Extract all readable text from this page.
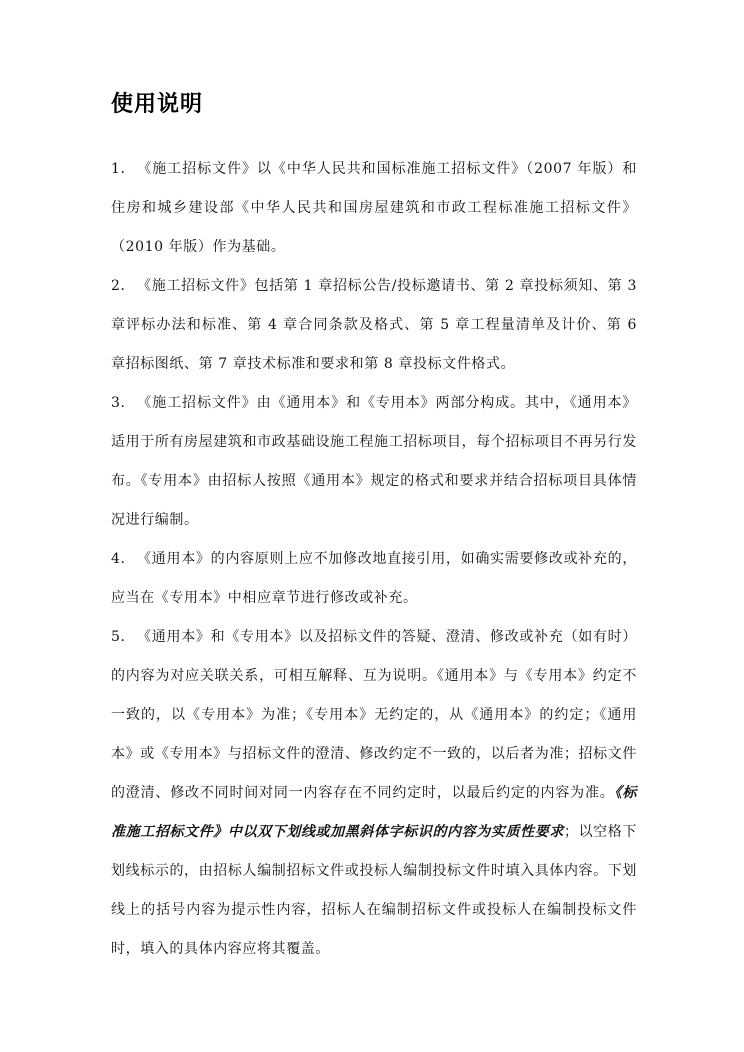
使用说明

1． 《施工招标文件》以《中华人民共和国标准施工招标文件》（2007 年版）和住房和城乡建设部《中华人民共和国房屋建筑和市政工程标准施工招标文件》（2010 年版）作为基础。

2． 《施工招标文件》包括第 1 章招标公告/投标邀请书、第 2 章投标须知、第 3 章评标办法和标准、第 4 章合同条款及格式、第 5 章工程量清单及计价、第 6 章招标图纸、第 7 章技术标准和要求和第 8 章投标文件格式。

3． 《施工招标文件》由《通用本》和《专用本》两部分构成。其中，《通用本》适用于所有房屋建筑和市政基础设施工程施工招标项目，每个招标项目不再另行发布。《专用本》由招标人按照《通用本》规定的格式和要求并结合招标项目具体情况进行编制。

4． 《通用本》的内容原则上应不加修改地直接引用，如确实需要修改或补充的，应当在《专用本》中相应章节进行修改或补充。

5． 《通用本》和《专用本》以及招标文件的答疑、澄清、修改或补充（如有时）的内容为对应关联关系，可相互解释、互为说明。《通用本》与《专用本》约定不一致的，以《专用本》为准；《专用本》无约定的，从《通用本》的约定；《通用本》或《专用本》与招标文件的澄清、修改约定不一致的，以后者为准；招标文件的澄清、修改不同时间对同一内容存在不同约定时，以最后约定的内容为准。《标准施工招标文件》中以双下划线或加黑斜体字标识的内容为实质性要求；以空格下划线标示的，由招标人编制招标文件或投标人编制投标文件时填入具体内容。下划线上的括号内容为提示性内容，招标人在编制招标文件或投标人在编制投标文件时，填入的具体内容应将其覆盖。
